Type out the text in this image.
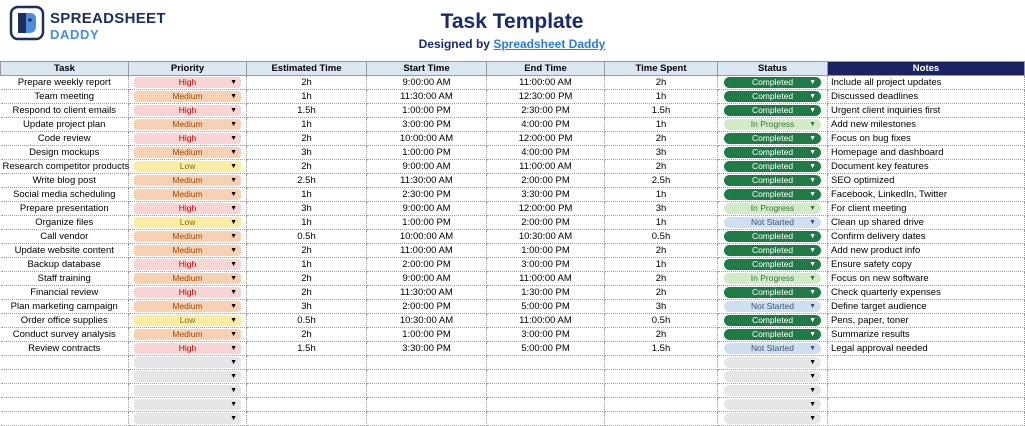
SPREADSHEET
DADDY
Task Template
Designed by Spreadsheet Daddy
Task	Priority	Estimated Time	Start Time	End Time	Time Spent	Status	Notes
Prepare weekly report	High ▼	2h	9:00:00 AM	11:00:00 AM	2h	Completed ▼	Include all project updates
Team meeting	Medium ▼	1h	11:30:00 AM	12:30:00 PM	1h	Completed ▼	Discussed deadlines
Respond to client emails	High ▼	1.5h	1:00:00 PM	2:30:00 PM	1.5h	Completed ▼	Urgent client inquiries first
Update project plan	Medium ▼	1h	3:00:00 PM	4:00:00 PM	1h	In Progress ▼	Add new milestones
Code review	High ▼	2h	10:00:00 AM	12:00:00 PM	2h	Completed ▼	Focus on bug fixes
Design mockups	Medium ▼	3h	1:00:00 PM	4:00:00 PM	3h	Completed ▼	Homepage and dashboard
Research competitor products	Low ▼	2h	9:00:00 AM	11:00:00 AM	2h	Completed ▼	Document key features
Write blog post	Medium ▼	2.5h	11:30:00 AM	2:00:00 PM	2.5h	Completed ▼	SEO optimized
Social media scheduling	Medium ▼	1h	2:30:00 PM	3:30:00 PM	1h	Completed ▼	Facebook, LinkedIn, Twitter
Prepare presentation	High ▼	3h	9:00:00 AM	12:00:00 PM	3h	In Progress ▼	For client meeting
Organize files	Low ▼	1h	1:00:00 PM	2:00:00 PM	1h	Not Started ▼	Clean up shared drive
Call vendor	Medium ▼	0.5h	10:00:00 AM	10:30:00 AM	0.5h	Completed ▼	Confirm delivery dates
Update website content	Medium ▼	2h	11:00:00 AM	1:00:00 PM	2h	Completed ▼	Add new product info
Backup database	High ▼	1h	2:00:00 PM	3:00:00 PM	1h	Completed ▼	Ensure safety copy
Staff training	Medium ▼	2h	9:00:00 AM	11:00:00 AM	2h	In Progress ▼	Focus on new software
Financial review	High ▼	2h	11:30:00 AM	1:30:00 PM	2h	Completed ▼	Check quarterly expenses
Plan marketing campaign	Medium ▼	3h	2:00:00 PM	5:00:00 PM	3h	Not Started ▼	Define target audience
Order office supplies	Low ▼	0.5h	10:30:00 AM	11:00:00 AM	0.5h	Completed ▼	Pens, paper, toner
Conduct survey analysis	Medium ▼	2h	1:00:00 PM	3:00:00 PM	2h	Completed ▼	Summarize results
Review contracts	High ▼	1.5h	3:30:00 PM	5:00:00 PM	1.5h	Not Started ▼	Legal approval needed

	▼					▼	

	▼					▼	

	▼					▼	

	▼					▼	

	▼					▼	
